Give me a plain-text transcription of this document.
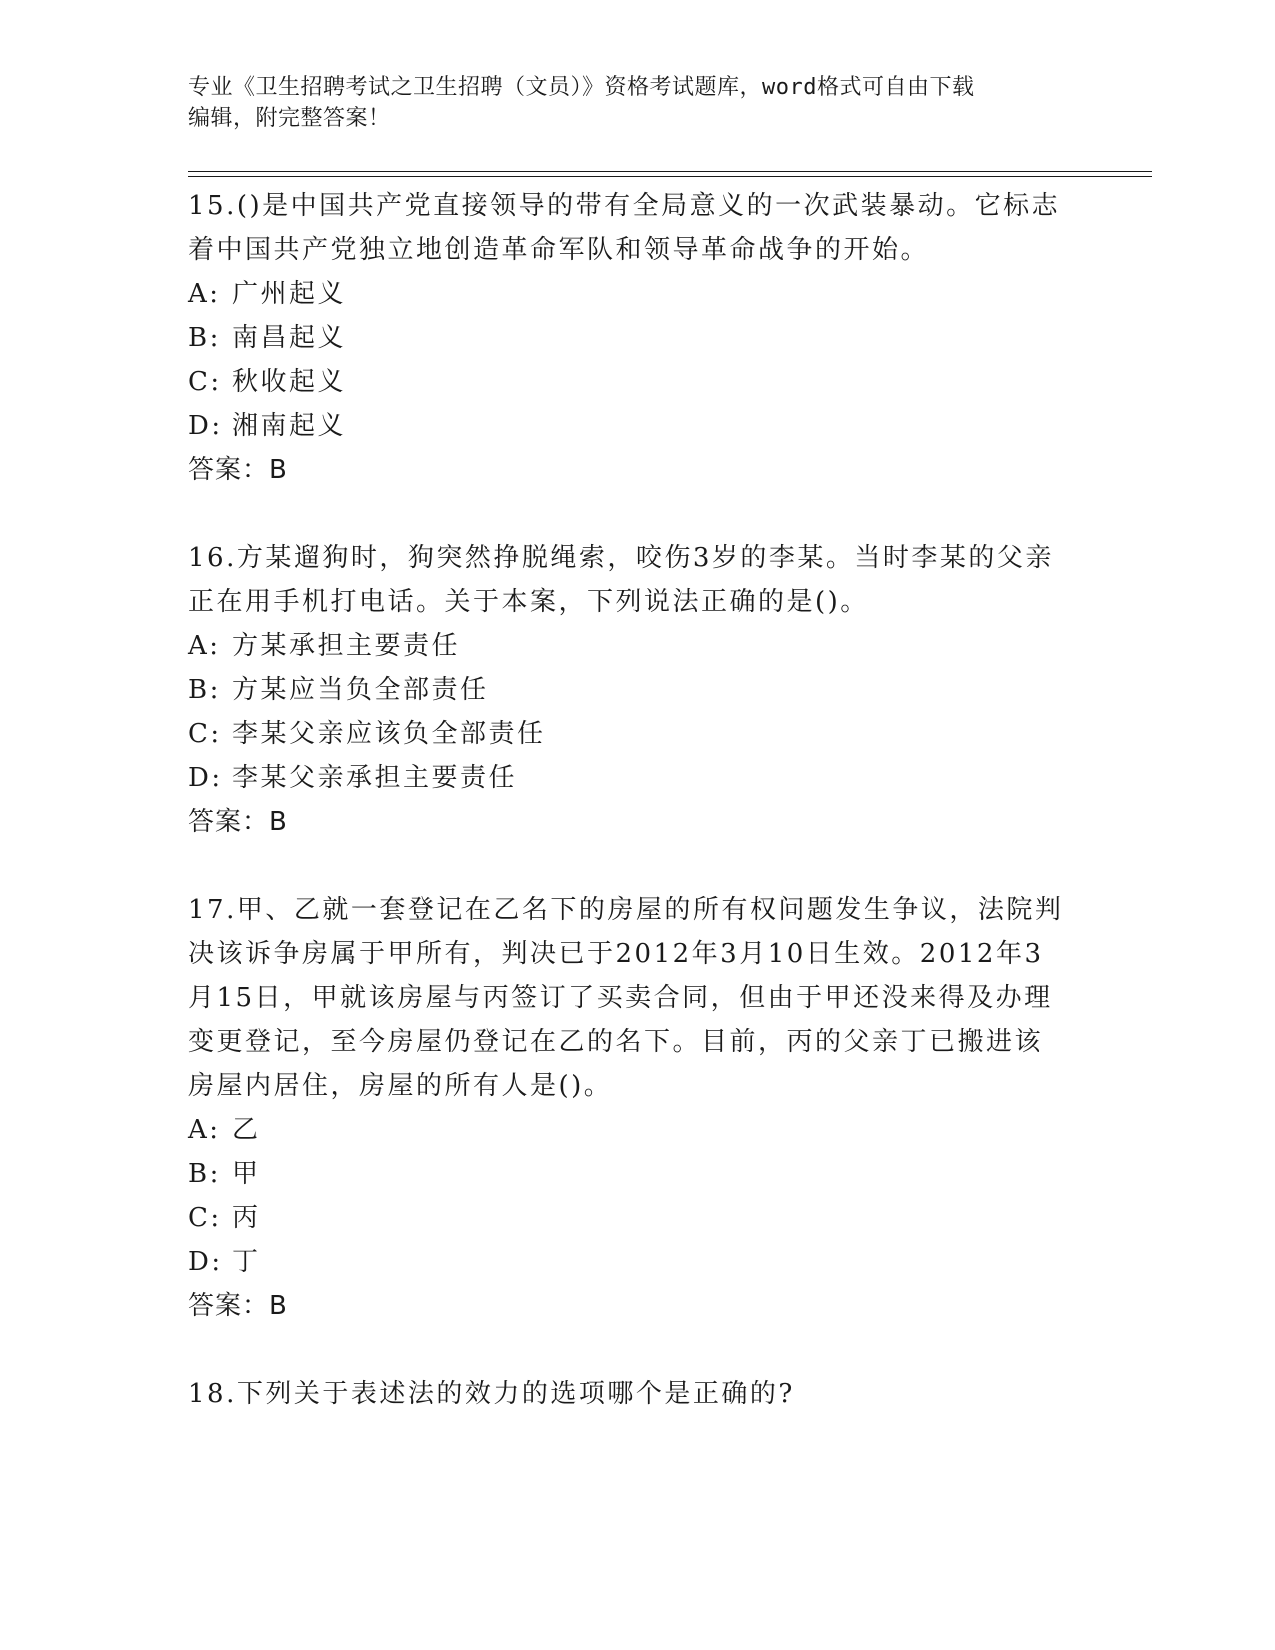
专业《卫生招聘考试之卫生招聘（文员）》资格考试题库，word格式可自由下载
编辑，附完整答案！
15.()是中国共产党直接领导的带有全局意义的一次武装暴动。它标志
着中国共产党独立地创造革命军队和领导革命战争的开始。
A: 广州起义
B: 南昌起义
C: 秋收起义
D: 湘南起义
答案：B
16.方某遛狗时，狗突然挣脱绳索，咬伤3岁的李某。当时李某的父亲
正在用手机打电话。关于本案，下列说法正确的是()。
A: 方某承担主要责任
B: 方某应当负全部责任
C: 李某父亲应该负全部责任
D: 李某父亲承担主要责任
答案：B
17.甲、乙就一套登记在乙名下的房屋的所有权问题发生争议，法院判
决该诉争房属于甲所有，判决已于2012年3月10日生效。2012年3
月15日，甲就该房屋与丙签订了买卖合同，但由于甲还没来得及办理
变更登记，至今房屋仍登记在乙的名下。目前，丙的父亲丁已搬进该
房屋内居住，房屋的所有人是()。
A: 乙
B: 甲
C: 丙
D: 丁
答案：B
18.下列关于表述法的效力的选项哪个是正确的?
